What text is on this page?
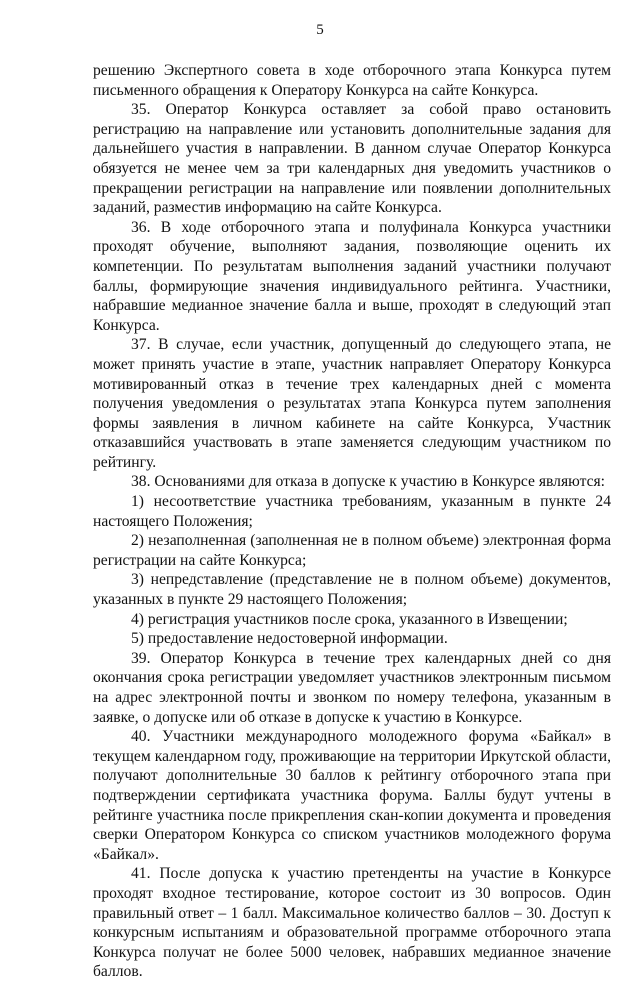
5

решению Экспертного совета в ходе отборочного этапа Конкурса путем письменного обращения к Оператору Конкурса на сайте Конкурса.

35. Оператор Конкурса оставляет за собой право остановить регистрацию на направление или установить дополнительные задания для дальнейшего участия в направлении. В данном случае Оператор Конкурса обязуется не менее чем за три календарных дня уведомить участников о прекращении регистрации на направление или появлении дополнительных заданий, разместив информацию на сайте Конкурса.

36. В ходе отборочного этапа и полуфинала Конкурса участники проходят обучение, выполняют задания, позволяющие оценить их компетенции. По результатам выполнения заданий участники получают баллы, формирующие значения индивидуального рейтинга. Участники, набравшие медианное значение балла и выше, проходят в следующий этап Конкурса.

37. В случае, если участник, допущенный до следующего этапа, не может принять участие в этапе, участник направляет Оператору Конкурса мотивированный отказ в течение трех календарных дней с момента получения уведомления о результатах этапа Конкурса путем заполнения формы заявления в личном кабинете на сайте Конкурса, Участник отказавшийся участвовать в этапе заменяется следующим участником по рейтингу.

38. Основаниями для отказа в допуске к участию в Конкурсе являются:

1) несоответствие участника требованиям, указанным в пункте 24 настоящего Положения;

2) незаполненная (заполненная не в полном объеме) электронная форма регистрации на сайте Конкурса;

3) непредставление (представление не в полном объеме) документов, указанных в пункте 29 настоящего Положения;

4) регистрация участников после срока, указанного в Извещении;

5) предоставление недостоверной информации.

39. Оператор Конкурса в течение трех календарных дней со дня окончания срока регистрации уведомляет участников электронным письмом на адрес электронной почты и звонком по номеру телефона, указанным в заявке, о допуске или об отказе в допуске к участию в Конкурсе.

40. Участники международного молодежного форума «Байкал» в текущем календарном году, проживающие на территории Иркутской области, получают дополнительные 30 баллов к рейтингу отборочного этапа при подтверждении сертификата участника форума. Баллы будут учтены в рейтинге участника после прикрепления скан-копии документа и проведения сверки Оператором Конкурса со списком участников молодежного форума «Байкал».

41. После допуска к участию претенденты на участие в Конкурсе проходят входное тестирование, которое состоит из 30 вопросов. Один правильный ответ – 1 балл. Максимальное количество баллов – 30. Доступ к конкурсным испытаниям и образовательной программе отборочного этапа Конкурса получат не более 5000 человек, набравших медианное значение баллов.
